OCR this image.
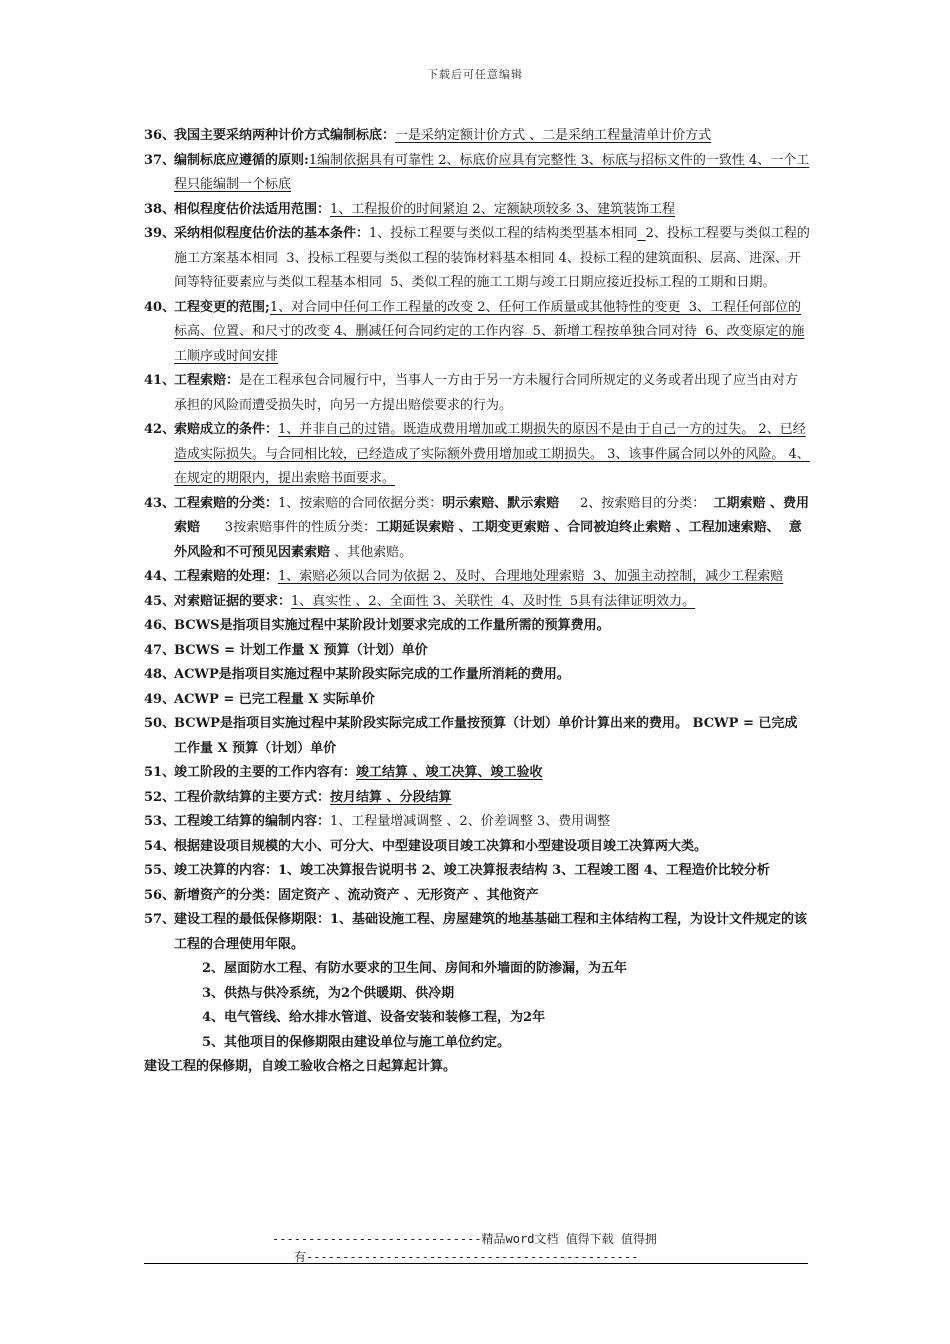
下载后可任意编辑
36、
我国主要采纳两种计价方式编制标底：一是采纳定额计价方式 、二是采纳工程量清单计价方式
37、
编制标底应遵循的原则:1编制依据具有可靠性 2、标底价应具有完整性 3、标底与招标文件的一致性 4、一个工程只能编制一个标底
38、
相似程度估价法适用范围：1、工程报价的时间紧迫 2、定额缺项较多 3、建筑装饰工程
39、
采纳相似程度估价法的基本条件：1、投标工程要与类似工程的结构类型基本相同 2、投标工程要与类似工程的施工方案基本相同  3、投标工程要与类似工程的装饰材料基本相同 4、投标工程的建筑面积、层高、进深、开间等特征要素应与类似工程基本相同  5、类似工程的施工工期与竣工日期应接近投标工程的工期和日期。
40、
工程变更的范围;1、对合同中任何工作工程量的改变 2、任何工作质量或其他特性的变更  3、工程任何部位的标高、位置、和尺寸的改变 4、删减任何合同约定的工作内容  5、新增工程按单独合同对待  6、改变原定的施工顺序或时间安排
41、
工程索赔：是在工程承包合同履行中，当事人一方由于另一方未履行合同所规定的义务或者出现了应当由对方承担的风险而遭受损失时，向另一方提出赔偿要求的行为。
42、
索赔成立的条件：1、并非自己的过错。既造成费用增加或工期损失的原因不是由于自己一方的过失。 2、已经造成实际损失。与合同相比较，已经造成了实际额外费用增加或工期损失。 3、该事件属合同以外的风险。 4、在规定的期限内，提出索赔书面要求。
43、
工程索赔的分类：1、按索赔的合同依据分类：明示索赔、默示索赔     2、按索赔目的分类：  工期索赔 、费用索赔      3按索赔事件的性质分类：工期延误索赔 、工期变更索赔 、合同被迫终止索赔 、工程加速索赔、  意外风险和不可预见因素索赔 、其他索赔。
44、
工程索赔的处理：1、索赔必须以合同为依据 2、及时、合理地处理索赔  3、加强主动控制，减少工程索赔
45、
对索赔证据的要求：1、真实性 、2、全面性 3、关联性  4、及时性  5具有法律证明效力。
46、
BCWS是指项目实施过程中某阶段计划要求完成的工作量所需的预算费用。
47、
BCWS = 计划工作量 X 预算（计划）单价
48、
ACWP是指项目实施过程中某阶段实际完成的工作量所消耗的费用。
49、
ACWP = 已完工程量 X 实际单价
50、
BCWP是指项目实施过程中某阶段实际完成工作量按预算（计划）单价计算出来的费用。 BCWP = 已完成工作量 X 预算（计划）单价
51、
竣工阶段的主要的工作内容有：竣工结算 、竣工决算、竣工验收
52、
工程价款结算的主要方式：按月结算 、分段结算
53、
工程竣工结算的编制内容：1、工程量增减调整 、2、价差调整 3、费用调整
54、
根据建设项目规模的大小、可分大、中型建设项目竣工决算和小型建设项目竣工决算两大类。
55、
竣工决算的内容：1、竣工决算报告说明书 2、竣工决算报表结构 3、工程竣工图 4、工程造价比较分析
56、
新增资产的分类：固定资产 、流动资产 、无形资产 、其他资产
57、
建设工程的最低保修期限：1、基础设施工程、房屋建筑的地基基础工程和主体结构工程，为设计文件规定的该工程的合理使用年限。
2、屋面防水工程、有防水要求的卫生间、房间和外墙面的防渗漏，为五年
3、供热与供冷系统，为2个供暖期、供冷期
4、电气管线、给水排水管道、设备安装和装修工程，为2年
5、其他项目的保修期限由建设单位与施工单位约定。
建设工程的保修期，自竣工验收合格之日起算起计算。
-----------------------------精品word文档 值得下载 值得拥
有----------------------------------------------
